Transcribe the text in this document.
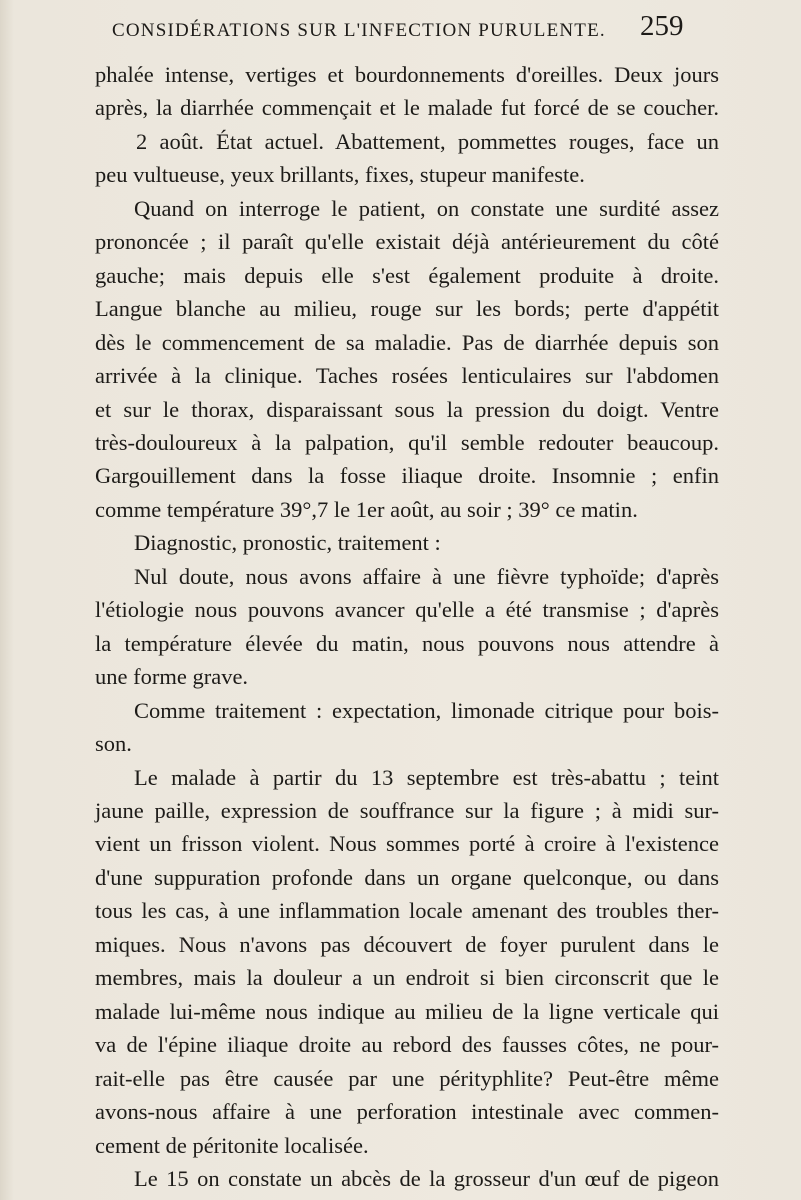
CONSIDÉRATIONS SUR L'INFECTION PURULENTE. 259
phalée intense, vertiges et bourdonnements d'oreilles. Deux jours
après, la diarrhée commençait et le malade fut forcé de se coucher.
2 août. État actuel. Abattement, pommettes rouges, face un
peu vultueuse, yeux brillants, fixes, stupeur manifeste.
Quand on interroge le patient, on constate une surdité assez
prononcée ; il paraît qu'elle existait déjà antérieurement du côté
gauche; mais depuis elle s'est également produite à droite.
Langue blanche au milieu, rouge sur les bords; perte d'appétit
dès le commencement de sa maladie. Pas de diarrhée depuis son
arrivée à la clinique. Taches rosées lenticulaires sur l'abdomen
et sur le thorax, disparaissant sous la pression du doigt. Ventre
très-douloureux à la palpation, qu'il semble redouter beaucoup.
Gargouillement dans la fosse iliaque droite. Insomnie ; enfin
comme température 39°,7 le 1er août, au soir ; 39° ce matin.
Diagnostic, pronostic, traitement :
Nul doute, nous avons affaire à une fièvre typhoïde; d'après
l'étiologie nous pouvons avancer qu'elle a été transmise ; d'après
la température élevée du matin, nous pouvons nous attendre à
une forme grave.
Comme traitement : expectation, limonade citrique pour bois-
son.
Le malade à partir du 13 septembre est très-abattu ; teint
jaune paille, expression de souffrance sur la figure ; à midi sur-
vient un frisson violent. Nous sommes porté à croire à l'existence
d'une suppuration profonde dans un organe quelconque, ou dans
tous les cas, à une inflammation locale amenant des troubles ther-
miques. Nous n'avons pas découvert de foyer purulent dans le
membres, mais la douleur a un endroit si bien circonscrit que le
malade lui-même nous indique au milieu de la ligne verticale qui
va de l'épine iliaque droite au rebord des fausses côtes, ne pour-
rait-elle pas être causée par une pérityphlite? Peut-être même
avons-nous affaire à une perforation intestinale avec commen-
cement de péritonite localisée.
Le 15 on constate un abcès de la grosseur d'un œuf de pigeon
